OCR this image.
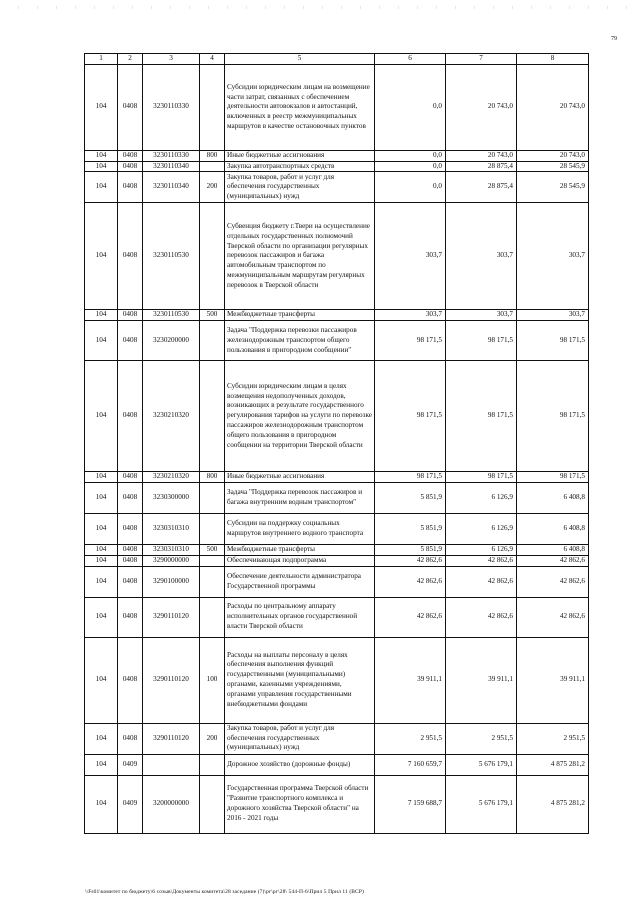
79
1	2	3	4	5	6	7	8
104	0408	3230110330		Субсидии юридическим лицам на возмещение части затрат, связанных с обеспечением деятельности автовокзалов и автостанций, включенных в реестр межмуниципальных маршрутов в качестве остановочных пунктов	0,0	20 743,0	20 743,0
104	0408	3230110330	800	Иные бюджетные ассигнования	0,0	20 743,0	20 743,0
104	0408	3230110340		Закупка автотранспортных средств	0,0	28 875,4	28 545,9
104	0408	3230110340	200	Закупка товаров, работ и услуг для обеспечения государственных (муниципальных) нужд	0,0	28 875,4	28 545,9
104	0408	3230110530		Субвенция бюджету г.Твери на осуществление отдельных государственных полномочий Тверской области по организации регулярных перевозок пассажиров и багажа автомобильным транспортом по межмуниципальным маршрутам регулярных перевозок в Тверской области	303,7	303,7	303,7
104	0408	3230110530	500	Межбюджетные трансферты	303,7	303,7	303,7
104	0408	3230200000		Задача "Поддержка перевозки пассажиров железнодорожным транспортом общего пользования в пригородном сообщении"	98 171,5	98 171,5	98 171,5
104	0408	3230210320		Субсидии юридическим лицам в целях возмещения недополученных доходов, возникающих в результате государственного регулирования тарифов на услуги по перевозке пассажиров железнодорожным транспортом общего пользования в пригородном сообщении на территории Тверской области	98 171,5	98 171,5	98 171,5
104	0408	3230210320	800	Иные бюджетные ассигнования	98 171,5	98 171,5	98 171,5
104	0408	3230300000		Задача "Поддержка перевозок пассажиров и багажа внутренним водным транспортом"	5 851,9	6 126,9	6 408,8
104	0408	3230310310		Субсидии на поддержку социальных маршрутов внутреннего водного транспорта	5 851,9	6 126,9	6 408,8
104	0408	3230310310	500	Межбюджетные трансферты	5 851,9	6 126,9	6 408,8
104	0408	3290000000		Обеспечивающая подпрограмма	42 862,6	42 862,6	42 862,6
104	0408	3290100000		Обеспечение деятельности администратора Государственной программы	42 862,6	42 862,6	42 862,6
104	0408	3290110120		Расходы по центральному аппарату исполнительных органов государственной власти Тверской области	42 862,6	42 862,6	42 862,6
104	0408	3290110120	100	Расходы на выплаты персоналу в целях обеспечения выполнения функций государственными (муниципальными) органами, казенными учреждениями, органами управления государственными внебюджетными фондами	39 911,1	39 911,1	39 911,1
104	0408	3290110120	200	Закупка товаров, работ и услуг для обеспечения государственных (муниципальных) нужд	2 951,5	2 951,5	2 951,5
104	0409			Дорожное хозяйство (дорожные фонды)	7 160 659,7	5 676 179,1	4 875 281,2
104	0409	3200000000		Государственная программа Тверской области "Развитие транспортного комплекса и дорожного хозяйства Тверской области" на 2016 - 2021 годы	7 159 688,7	5 676 179,1	4 875 281,2
\\Fs01\комитет по бюджету\6 созыв\Документы комитета\28 заседание (7)\рг\рг\28\ 544-П-6\Прил 5 Прил 11 (ВСР)
